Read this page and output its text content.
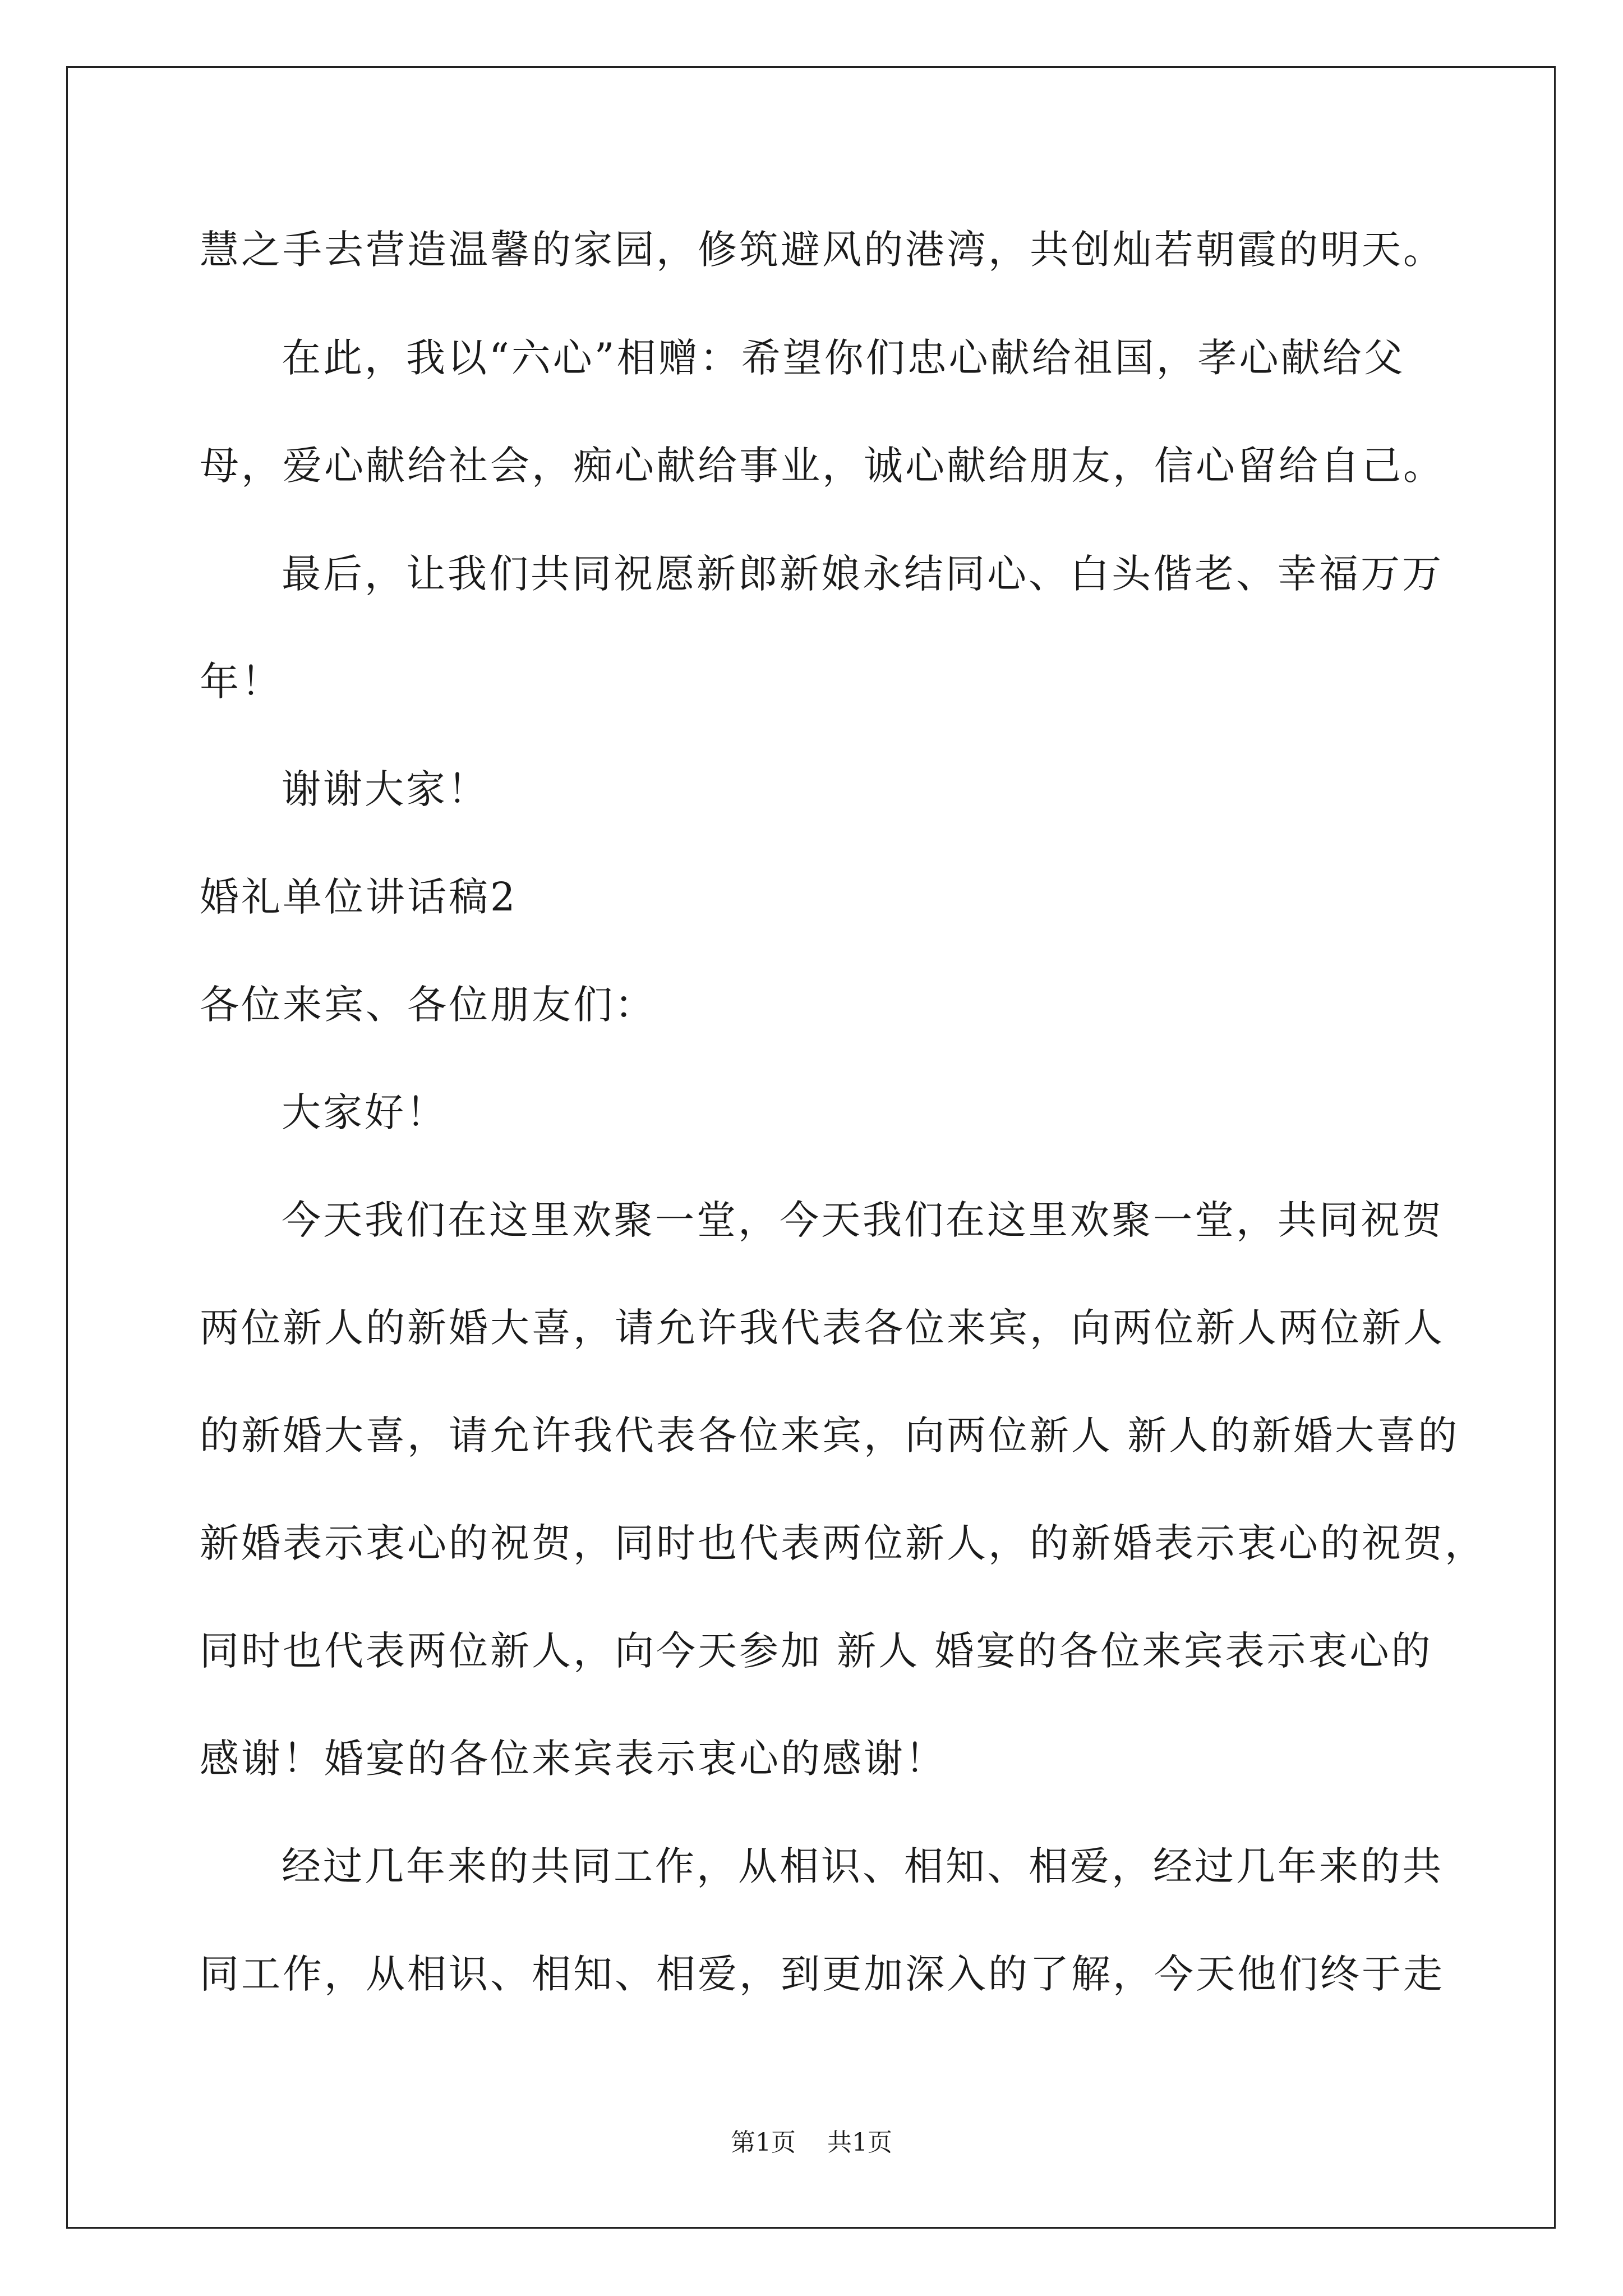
慧之手去营造温馨的家园，修筑避风的港湾，共创灿若朝霞的明天。
在此，我以“六心”相赠：希望你们忠心献给祖国，孝心献给父
母，爱心献给社会，痴心献给事业，诚心献给朋友，信心留给自己。
最后，让我们共同祝愿新郎新娘永结同心、白头偕老、幸福万万
年！
谢谢大家！
婚礼单位讲话稿2
各位来宾、各位朋友们：
大家好！
今天我们在这里欢聚一堂，今天我们在这里欢聚一堂，共同祝贺
两位新人的新婚大喜，请允许我代表各位来宾，向两位新人两位新人
的新婚大喜，请允许我代表各位来宾，向两位新人 新人的新婚大喜的
新婚表示衷心的祝贺，同时也代表两位新人，的新婚表示衷心的祝贺，
同时也代表两位新人，向今天参加 新人 婚宴的各位来宾表示衷心的
感谢！婚宴的各位来宾表示衷心的感谢！
经过几年来的共同工作，从相识、相知、相爱，经过几年来的共
同工作，从相识、相知、相爱，到更加深入的了解，今天他们终于走
第1页    共1页
